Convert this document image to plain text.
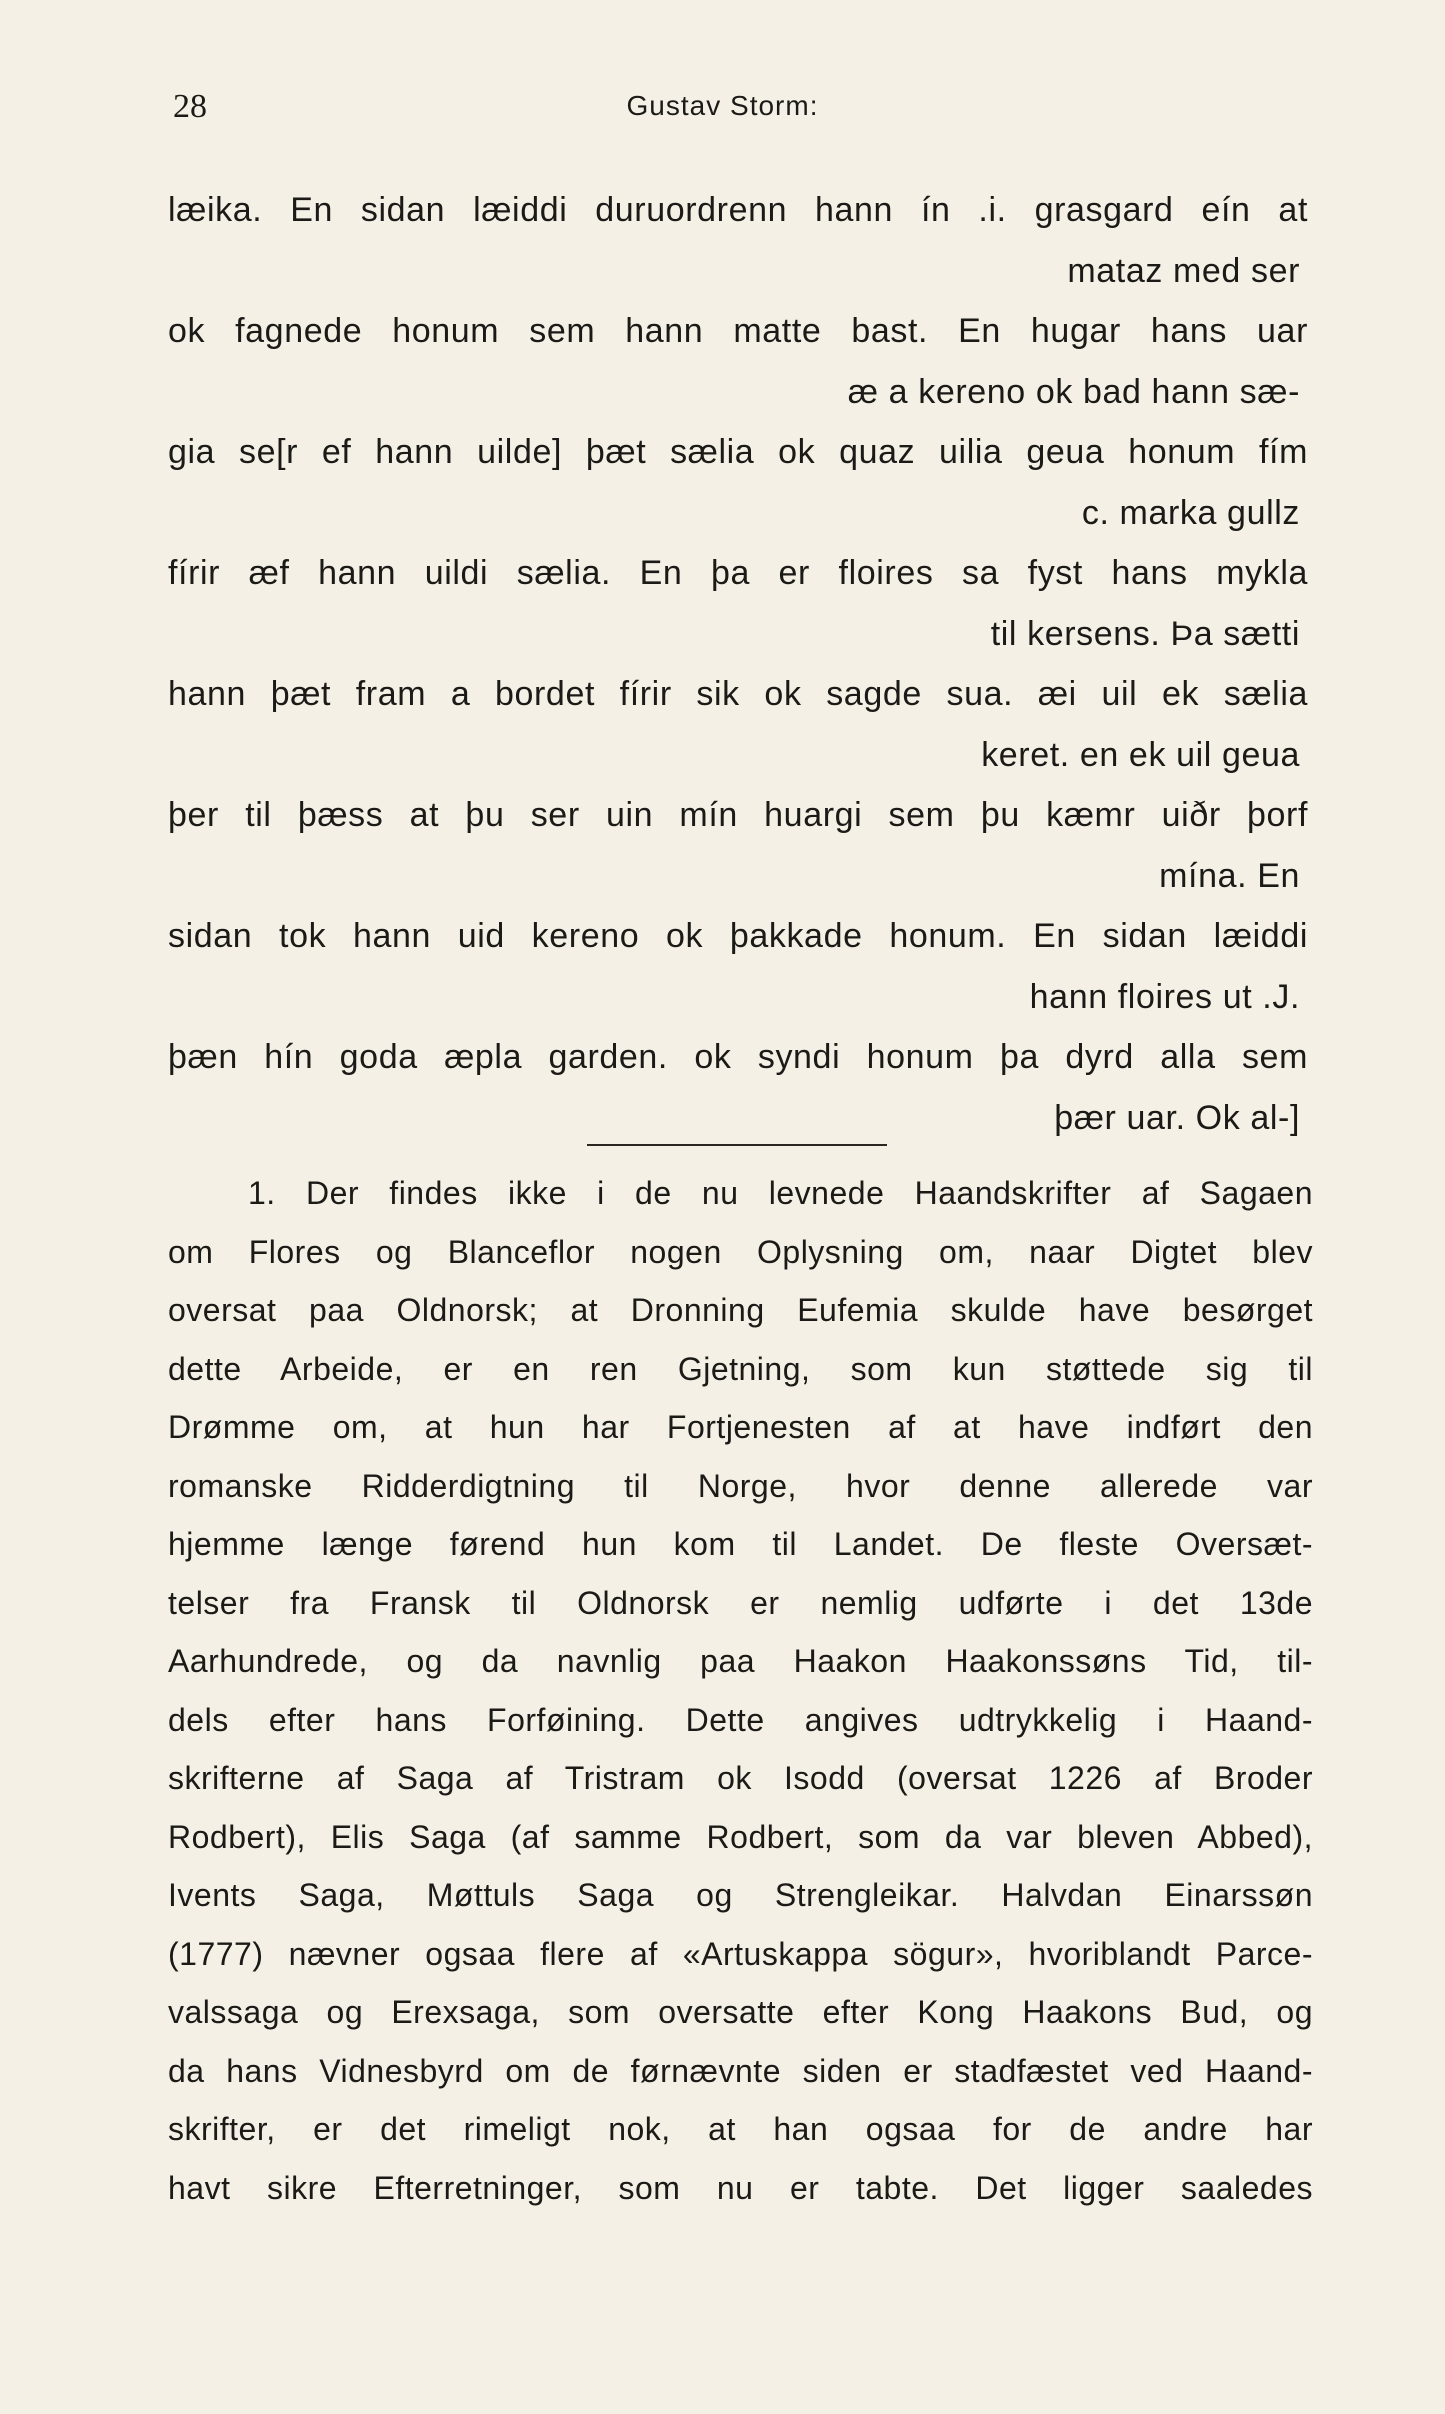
28	Gustav Storm:
læika. En sidan læiddi duruordrenn hann ín .i. grasgard eín at
mataz med ser
ok fagnede honum sem hann matte bast. En hugar hans uar
æ a kereno ok bad hann sæ-
gia se[r ef hann uilde] þæt sælia ok quaz uilia geua honum fím
c. marka gullz
fírir æf hann uildi sælia. En þa er floires sa fyst hans mykla
til kersens. Þa sætti
hann þæt fram a bordet fírir sik ok sagde sua. æi uil ek sælia
keret. en ek uil geua
þer til þæss at þu ser uin mín huargi sem þu kæmr uiðr þorf
mína. En
sidan tok hann uid kereno ok þakkade honum. En sidan læiddi
hann floires ut .J.
þæn hín goda æpla garden. ok syndi honum þa dyrd alla sem
þær uar. Ok al-]
1. Der findes ikke i de nu levnede Haandskrifter af Sagaen
om Flores og Blanceflor nogen Oplysning om, naar Digtet blev
oversat paa Oldnorsk; at Dronning Eufemia skulde have besørget
dette Arbeide, er en ren Gjetning, som kun støttede sig til
Drømme om, at hun har Fortjenesten af at have indført den
romanske Ridderdigtning til Norge, hvor denne allerede var
hjemme længe førend hun kom til Landet. De fleste Oversæt-
telser fra Fransk til Oldnorsk er nemlig udførte i det 13de
Aarhundrede, og da navnlig paa Haakon Haakonssøns Tid, til-
dels efter hans Forføining. Dette angives udtrykkelig i Haand-
skrifterne af Saga af Tristram ok Isodd (oversat 1226 af Broder
Rodbert), Elis Saga (af samme Rodbert, som da var bleven Abbed),
Ivents Saga, Møttuls Saga og Strengleikar. Halvdan Einarssøn
(1777) nævner ogsaa flere af «Artuskappa sögur», hvoriblandt Parce-
valssaga og Erexsaga, som oversatte efter Kong Haakons Bud, og
da hans Vidnesbyrd om de førnævnte siden er stadfæstet ved Haand-
skrifter, er det rimeligt nok, at han ogsaa for de andre har
havt sikre Efterretninger, som nu er tabte. Det ligger saaledes
